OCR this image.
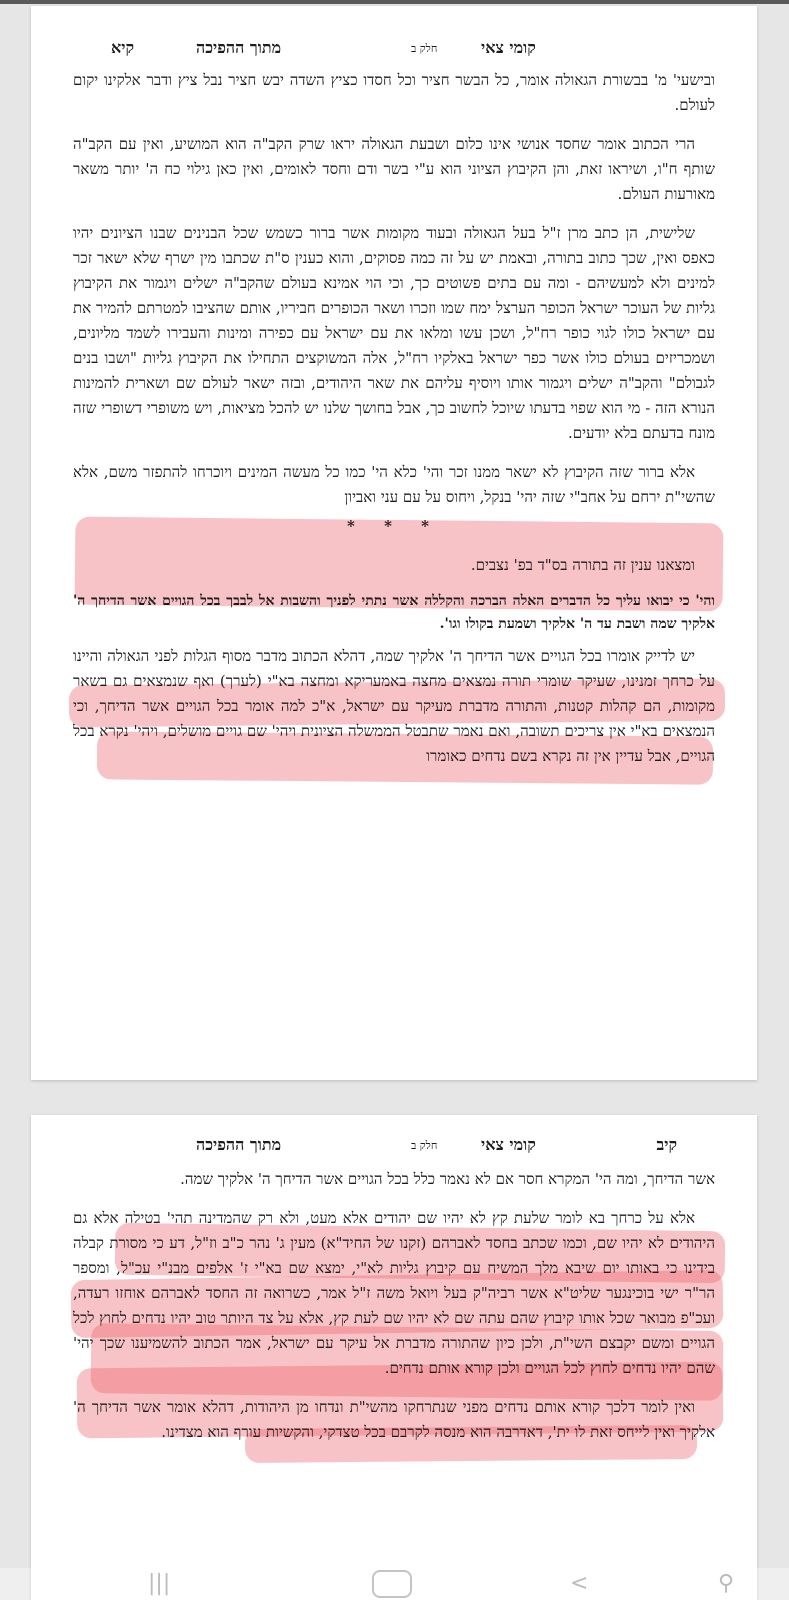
קומי צאי
חלק ב
מתוך ההפיכה
קיא

ובישעי' מ' בבשורת הגאולה אומר, כל הבשר חציר וכל חסדו כציץ השדה יבש חציר נבל ציץ ודבר אלקינו יקום לעולם.

הרי הכתוב אומר שחסד אנושי אינו כלום ושבעת הגאולה יראו שרק הקב"ה הוא המושיע, ואין עם הקב"ה שותף ח"ו, ושיראו זאת, והן הקיבוץ הציוני הוא ע"י בשר ודם וחסד לאומים, ואין כאן גילוי כח ה' יותר משאר מאורעות העולם.

שלישית, הן כתב מרן ז"ל בעל הגאולה ובעוד מקומות אשר ברור כשמש שכל הבנינים שבנו הציונים יהיו כאפס ואין, שכך כתוב בתורה, ובאמת יש על זה כמה פסוקים, והוא כענין ס"ת שכתבו מין ישרף שלא ישאר זכר למינים ולא למעשיהם - ומה עם בתים פשוטים כך, וכי הוי אמינא בעולם שהקב"ה ישלים ויגמור את הקיבוץ גליות של העוכר ישראל הכופר הערצל ימח שמו וזכרו ושאר הכופרים חביריו, אותם שהציבו למטרתם להמיר את עם ישראל כולו לגוי כופר רח"ל, ושכן עשו ומלאו את עם ישראל עם כפירה ומינות והעבירו לשמד מליונים, ושמכריזים בעולם כולו אשר כפר ישראל באלקיו רח"ל, אלה המשוקצים התחילו את הקיבוץ גליות "ושבו בנים לגבולם" והקב"ה ישלים ויגמור אותו ויוסיף עליהם את שאר היהודים, ובזה ישאר לעולם שם ושארית להמינות הנורא הזה - מי הוא שפוי בדעתו שיוכל לחשוב כך, אבל בחושך שלנו יש להכל מציאות, ויש משופרי דשופרי שזה מונח בדעתם בלא יודעים.

אלא ברור שזה הקיבוץ לא ישאר ממנו זכר והי' כלא הי' כמו כל מעשה המינים ויוכרחו להתפזר משם, אלא שהשי"ת ירחם על אחב"י שזה יהי' בנקל, ויחוס על עם עני ואביון

* * *

ומצאנו ענין זה בתורה בס"ד בפ' נצבים.

והי' כי יבואו עליך כל הדברים האלה הברכה והקללה אשר נתתי לפניך והשבות אל לבבך בכל הגויים אשר הדיחך ה' אלקיך שמה ושבת עד ה' אלקיך ושמעת בקולו וגו'.

יש לדייק אומרו בכל הגויים אשר הדיחך ה' אלקיך שמה, דהלא הכתוב מדבר מסוף הגלות לפני הגאולה והיינו על כרחך זמנינו, שעיקר שומרי תורה נמצאים מחצה באמעריקא ומחצה בא"י (לערך) ואף שנמצאים גם בשאר מקומות, הם קהלות קטנות, והתורה מדברת מעיקר עם ישראל, א"כ למה אומר בכל הגויים אשר הדיחך, וכי הנמצאים בא"י אין צריכים תשובה, ואם נאמר שתבטל הממשלה הציונית ויהי' שם גויים מושלים, ויהי' נקרא בכל הגויים, אבל עדיין אין זה נקרא בשם נדחים כאומרו

קיב
קומי צאי
חלק ב
מתוך ההפיכה

אשר הדיחך, ומה הי' המקרא חסר אם לא נאמר כלל בכל הגויים אשר הדיחך ה' אלקיך שמה.

אלא על כרחך בא לומר שלעת קץ לא יהיו שם יהודים אלא מעט, ולא רק שהמדינה תהי' בטילה אלא גם היהודים לא יהיו שם, וכמו שכתב בחסד לאברהם (זקנו של החיד"א) מעין ג' נהר כ"ב וז"ל, דע כי מסורת קבלה בידינו כי באותו יום שיבא מלך המשיח עם קיבוץ גליות לא"י, ימצא שם בא"י ז' אלפים מבנ"י עכ"ל, ומספר הר"ר ישי בוכינגער שליט"א אשר רביה"ק בעל ויואל משה ז"ל אמר, כשרואה זה החסד לאברהם אוחזו רעדה, ועכ"פ מבואר שכל אותו קיבוץ שהם עתה שם לא יהיו שם לעת קץ, אלא על צד היותר טוב יהיו נדחים לחוץ לכל הגויים ומשם יקבצם השי"ת, ולכן כיון שהתורה מדברת אל עיקר עם ישראל, אמר הכתוב להשמיענו שכך יהי' שהם יהיו נדחים לחוץ לכל הגויים ולכן קורא אותם נדחים.

ואין לומר דלכך קורא אותם נדחים מפני שנתרחקו מהשי"ת ונדחו מן היהודות, דהלא אומר אשר הדיחך ה' אלקיך ואין לייחס זאת לו ית', דאדרבה הוא מנסה לקרבם בכל טצדקי, והקשיות עורף הוא מצדינו.

|||	<	⚲
